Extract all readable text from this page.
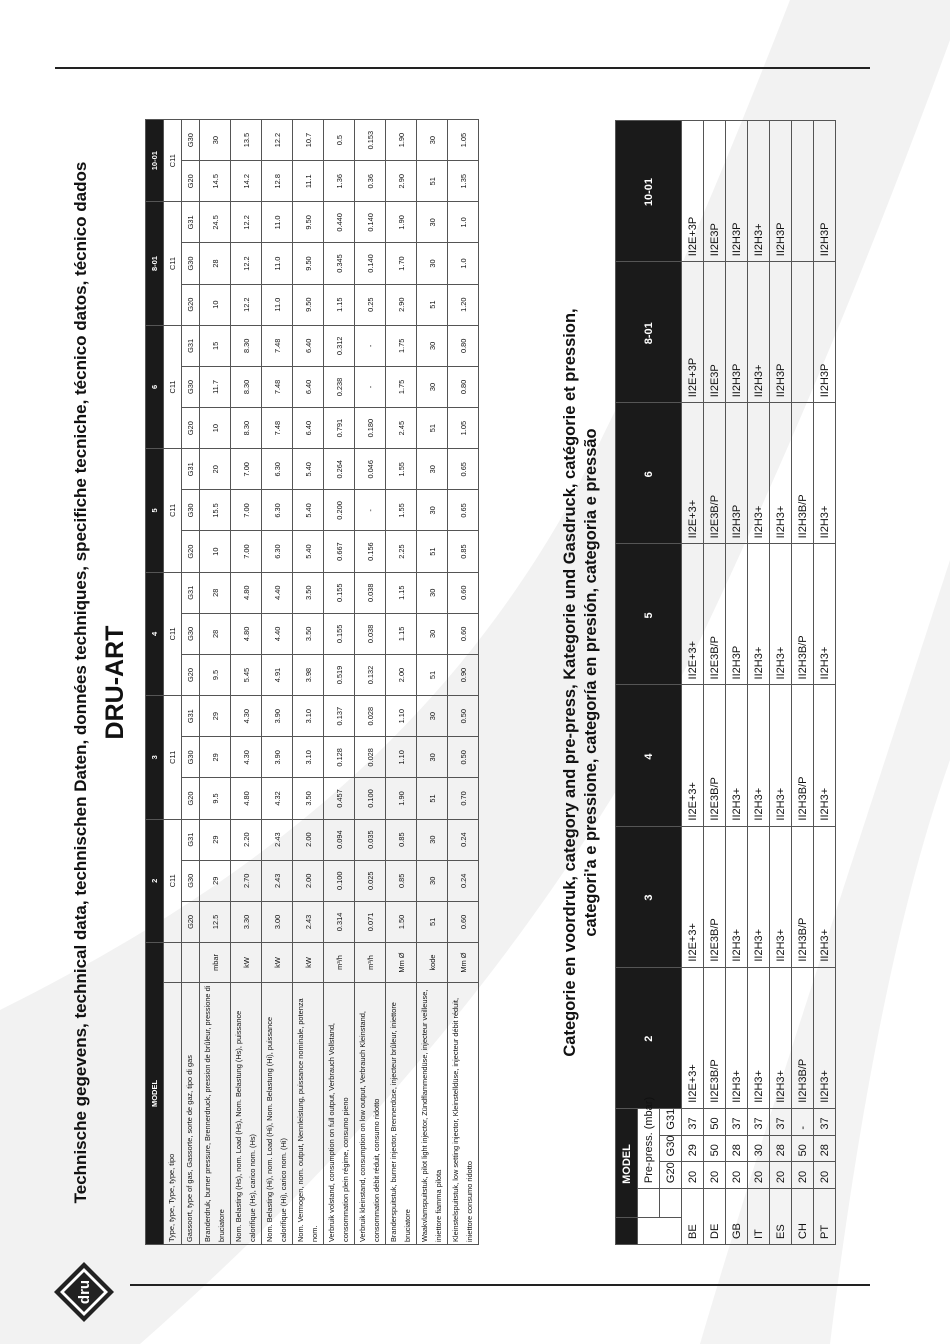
dru
Technische gegevens, technical data, technischen Daten, données techniques, specifiche tecniche, técnico datos, técnico dados DRU-ART
MODEL		2			3			4			5			6			8-01			10-01	
Type, type, Type, type, tipo		C11			C11			C11			C11			C11			C11			C11	
Gassoort, type of gas, Gassorte, sorte de gaz, tipo di gas		G20	G30	G31	G20	G30	G31	G20	G30	G31	G20	G30	G31	G20	G30	G31	G20	G30	G31	G20	G30
Branderdruk, burner pressure, Brennerdruck, pression de brûleur, pressione di bruciatore	mbar	12.5	29	29	9.5	29	29	9.5	28	28	10	15.5	20	10	11.7	15	10	28	24.5	14.5	30
Nom. Belasting (Hs), nom. Load (Hs), Nom. Belastung (Hs), puissance calorifique (Hs), carico nom. (Hs)	kW	3.30	2.70	2.20	4.80	4.30	4.30	5.45	4.80	4.80	7.00	7.00	7.00	8.30	8.30	8.30	12.2	12.2	12.2	14.2	13.5
Nom. Belasting (Hi), nom. Load (Hi), Nom. Belastung (Hi), puissance calorifique (Hi), carico nom. (Hi)	kW	3.00	2.43	2.43	4.32	3.90	3.90	4.91	4.40	4.40	6.30	6.30	6.30	7.48	7.48	7.48	11.0	11.0	11.0	12.8	12.2
Nom. Vermogen, nom. output, Nennleistung, puissance nominale, potenza nom.	kW	2.43	2.00	2.00	3.50	3.10	3.10	3.98	3.50	3.50	5.40	5.40	5.40	6.40	6.40	6.40	9.50	9.50	9.50	11.1	10.7
Verbruik volstand, consumption on full output, Verbrauch Vollstand, consommation plein régime, consumo pieno	m³/h	0.314	0.100	0.094	0.457	0.128	0.137	0.519	0.155	0.155	0.667	0.200	0.264	0.791	0.238	0.312	1.15	0.345	0.440	1.36	0.5
Verbruik kleinstand, consumption on low output, Verbrauch Kleinstand, consommation débit réduit, consumo ridotto	m³/h	0.071	0.025	0.035	0.100	0.028	0.028	0.132	0.038	0.038	0.156	-	0.046	0.180	-	-	0.25	0.140	0.140	0.36	0.153
Branderspuitstuk, burner injector, Brennerdüse, injecteur brûleur, iniettore bruciatore	Mm Ø	1.50	0.85	0.85	1.90	1.10	1.10	2.00	1.15	1.15	2.25	1.55	1.55	2.45	1.75	1.75	2.90	1.70	1.90	2.90	1.90
Waakvlamspuitstuk, pilot light injector, Zündflammendüse, injecteur veilleuse, iniettore fiamma pilota	kode	51	30	30	51	30	30	51	30	30	51	30	30	51	30	30	51	30	30	51	30
Kleinstelspuitstuk, low setting injector, Kleinstelldüse, injecteur débit réduit, iniettore consumo ridotto	Mm Ø	0.60	0.24	0.24	0.70	0.50	0.50	0.90	0.60	0.60	0.85	0.65	0.65	1.05	0.80	0.80	1.20	1.0	1.0	1.35	1.05
Categorie en voordruk, category and pre-press, Kategorie und Gasdruck, catégorie et pression, categori'a e pressione, categoría en presión, categoria e pressão
	MODEL				2	3	4	5	6	8-01	10-01
		Pre-press. (mbar)									
		G20	G30	G31							
BE		20	29	37	II2E+3+	II2E+3+	II2E+3+	II2E+3+	II2E+3+	II2E+3P	II2E+3P
DE		20	50	50	II2E3B/P	II2E3B/P	II2E3B/P	II2E3B/P	II2E3B/P	II2E3P	II2E3P
GB		20	28	37	II2H3+	II2H3+	II2H3+	II2H3P	II2H3P	II2H3P	II2H3P
IT		20	30	37	II2H3+	II2H3+	II2H3+	II2H3+	II2H3+	II2H3+	II2H3+
ES		20	28	37	II2H3+	II2H3+	II2H3+	II2H3+	II2H3+	II2H3P	II2H3P
CH		20	50	-	II2H3B/P	II2H3B/P	II2H3B/P	II2H3B/P	II2H3B/P		
PT		20	28	37	II2H3+	II2H3+	II2H3+	II2H3+	II2H3+	II2H3P	II2H3P
